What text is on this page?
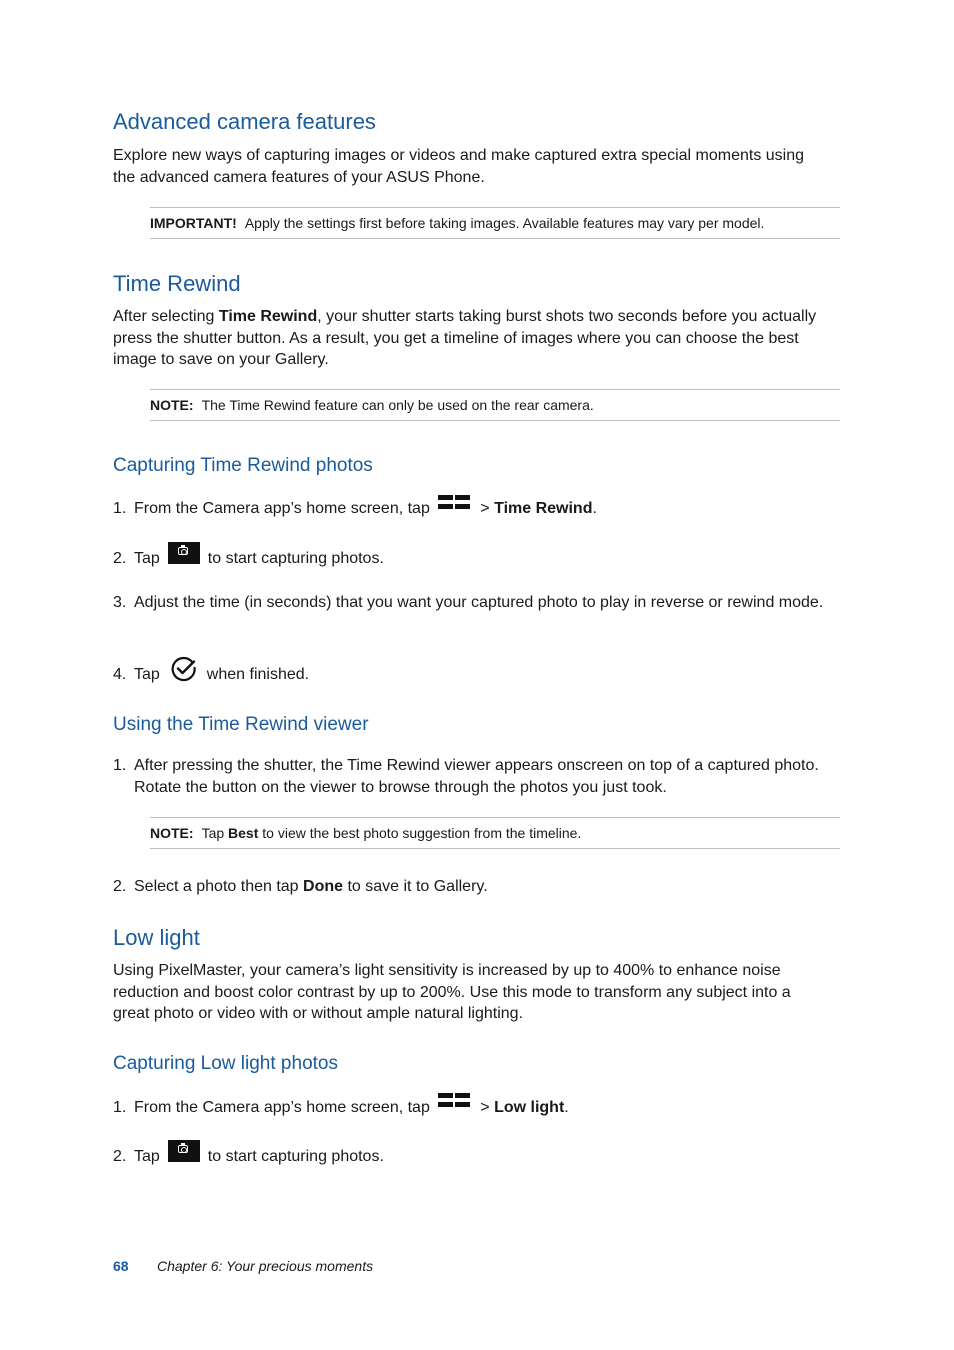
Advanced camera features

Explore new ways of capturing images or videos and make captured extra special moments using the advanced camera features of your ASUS Phone.

IMPORTANT! Apply the settings first before taking images. Available features may vary per model.
Time Rewind

After selecting Time Rewind, your shutter starts taking burst shots two seconds before you actually press the shutter button. As a result, you get a timeline of images where you can choose the best image to save on your Gallery.

NOTE: The Time Rewind feature can only be used on the rear camera.
Capturing Time Rewind photos
1. From the Camera app’s home screen, tap	> Time Rewind.
2. Tap	to start capturing photos.
3. Adjust the time (in seconds) that you want your captured photo to play in reverse or rewind mode.
4. Tap	when finished.
Using the Time Rewind viewer
1. After pressing the shutter, the Time Rewind viewer appears onscreen on top of a captured photo. Rotate the button on the viewer to browse through the photos you just took.
NOTE: Tap Best to view the best photo suggestion from the timeline.
2. Select a photo then tap Done to save it to Gallery.
Low light

Using PixelMaster, your camera’s light sensitivity is increased by up to 400% to enhance noise reduction and boost color contrast by up to 200%. Use this mode to transform any subject into a great photo or video with or without ample natural lighting.

Capturing Low light photos
1. From the Camera app’s home screen, tap	> Low light.
2. Tap	to start capturing photos.
68 Chapter 6: Your precious moments
